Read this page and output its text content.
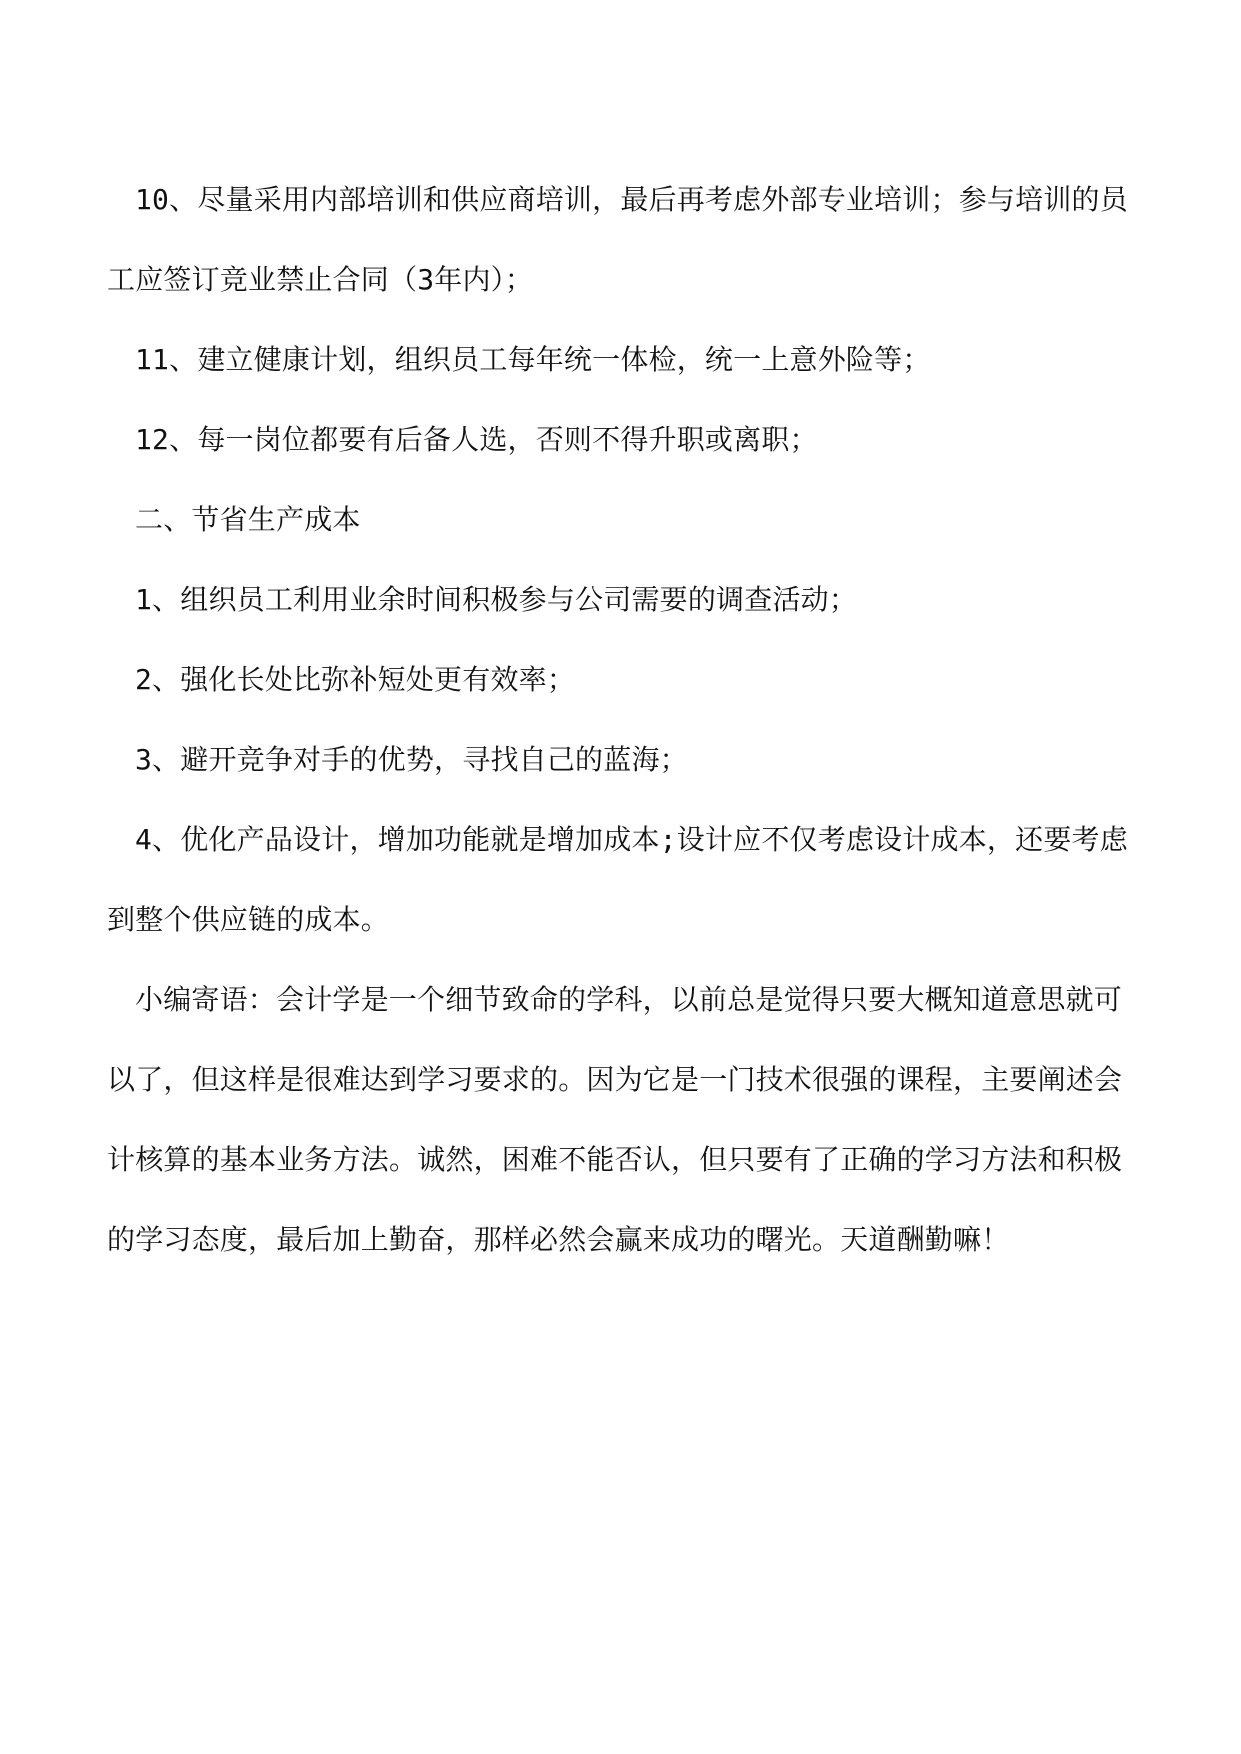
10、尽量采用内部培训和供应商培训，最后再考虑外部专业培训；参与培训的员工应签订竞业禁止合同（3年内）；

11、建立健康计划，组织员工每年统一体检，统一上意外险等；

12、每一岗位都要有后备人选，否则不得升职或离职；

二、节省生产成本

1、组织员工利用业余时间积极参与公司需要的调查活动；

2、强化长处比弥补短处更有效率；

3、避开竞争对手的优势，寻找自己的蓝海；

4、优化产品设计，增加功能就是增加成本;设计应不仅考虑设计成本，还要考虑到整个供应链的成本。

小编寄语：会计学是一个细节致命的学科，以前总是觉得只要大概知道意思就可以了，但这样是很难达到学习要求的。因为它是一门技术很强的课程，主要阐述会计核算的基本业务方法。诚然，困难不能否认，但只要有了正确的学习方法和积极的学习态度，最后加上勤奋，那样必然会赢来成功的曙光。天道酬勤嘛！
